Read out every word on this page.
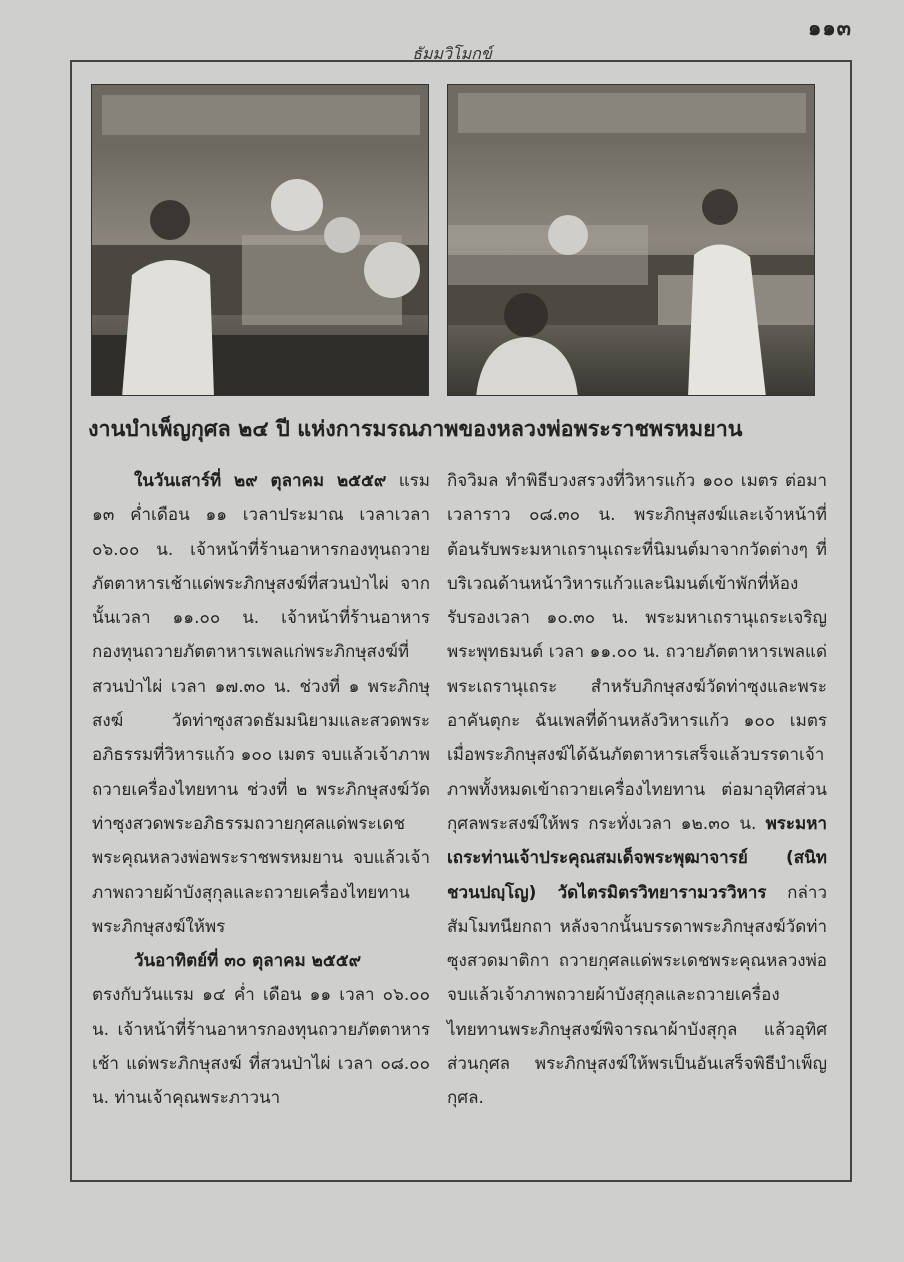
๑๑๓
ธัมมวิโมกข์
งานบำเพ็ญกุศล ๒๔ ปี แห่งการมรณภาพของหลวงพ่อพระราชพรหมยาน

ในวันเสาร์ที่ ๒๙ ตุลาคม ๒๕๕๙ แรม ๑๓ ค่ำเดือน ๑๑ เวลาประมาณ เวลาเวลา ๐๖.๐๐ น. เจ้าหน้าที่ร้านอาหารกองทุนถวายภัตตาหารเช้าแด่พระภิกษุสงฆ์ที่สวนป่าไผ่ จากนั้นเวลา ๑๑.๐๐ น. เจ้าหน้าที่ร้านอาหารกองทุนถวายภัตตาหารเพลแก่พระภิกษุสงฆ์ที่สวนป่าไผ่ เวลา ๑๗.๓๐ น. ช่วงที่ ๑ พระภิกษุสงฆ์ วัดท่าซุงสวดธัมมนิยามและสวดพระอภิธรรมที่วิหารแก้ว ๑๐๐ เมตร จบแล้วเจ้าภาพถวายเครื่องไทยทาน ช่วงที่ ๒ พระภิกษุสงฆ์วัดท่าซุงสวดพระอภิธรรมถวายกุศลแด่พระเดชพระคุณหลวงพ่อพระราชพรหมยาน จบแล้วเจ้าภาพถวายผ้าบังสุกุลและถวายเครื่องไทยทานพระภิกษุสงฆ์ให้พร

วันอาทิตย์ที่ ๓๐ ตุลาคม ๒๕๕๙

ตรงกับวันแรม ๑๔ ค่ำ เดือน ๑๑ เวลา ๐๖.๐๐ น. เจ้าหน้าที่ร้านอาหารกองทุนถวายภัตตาหารเช้า แด่พระภิกษุสงฆ์ ที่สวนป่าไผ่ เวลา ๐๘.๐๐ น. ท่านเจ้าคุณพระภาวนา

กิจวิมล ทำพิธีบวงสรวงที่วิหารแก้ว ๑๐๐ เมตร ต่อมาเวลาราว ๐๘.๓๐ น. พระภิกษุสงฆ์และเจ้าหน้าที่ต้อนรับพระมหาเถรานุเถระที่นิมนต์มาจากวัดต่างๆ ที่บริเวณด้านหน้าวิหารแก้วและนิมนต์เข้าพักที่ห้องรับรองเวลา ๑๐.๓๐ น. พระมหาเถรานุเถระเจริญพระพุทธมนต์ เวลา ๑๑.๐๐ น. ถวายภัตตาหารเพลแด่พระเถรานุเถระ สำหรับภิกษุสงฆ์วัดท่าซุงและพระอาคันตุกะ ฉันเพลที่ด้านหลังวิหารแก้ว ๑๐๐ เมตร เมื่อพระภิกษุสงฆ์ได้ฉันภัตตาหารเสร็จแล้วบรรดาเจ้าภาพทั้งหมดเข้าถวายเครื่องไทยทาน ต่อมาอุทิศส่วนกุศลพระสงฆ์ให้พร กระทั่งเวลา ๑๒.๓๐ น. พระมหาเถระท่านเจ้าประคุณสมเด็จพระพุฒาจารย์ (สนิท ชวนปญฺโญ) วัดไตรมิตรวิทยารามวรวิหาร กล่าวสัมโมทนียกถา หลังจากนั้นบรรดาพระภิกษุสงฆ์วัดท่าซุงสวดมาติกา ถวายกุศลแด่พระเดชพระคุณหลวงพ่อ จบแล้วเจ้าภาพถวายผ้าบังสุกุลและถวายเครื่องไทยทานพระภิกษุสงฆ์พิจารณาผ้าบังสุกุล แล้วอุทิศส่วนกุศล พระภิกษุสงฆ์ให้พรเป็นอันเสร็จพิธีบำเพ็ญกุศล.
